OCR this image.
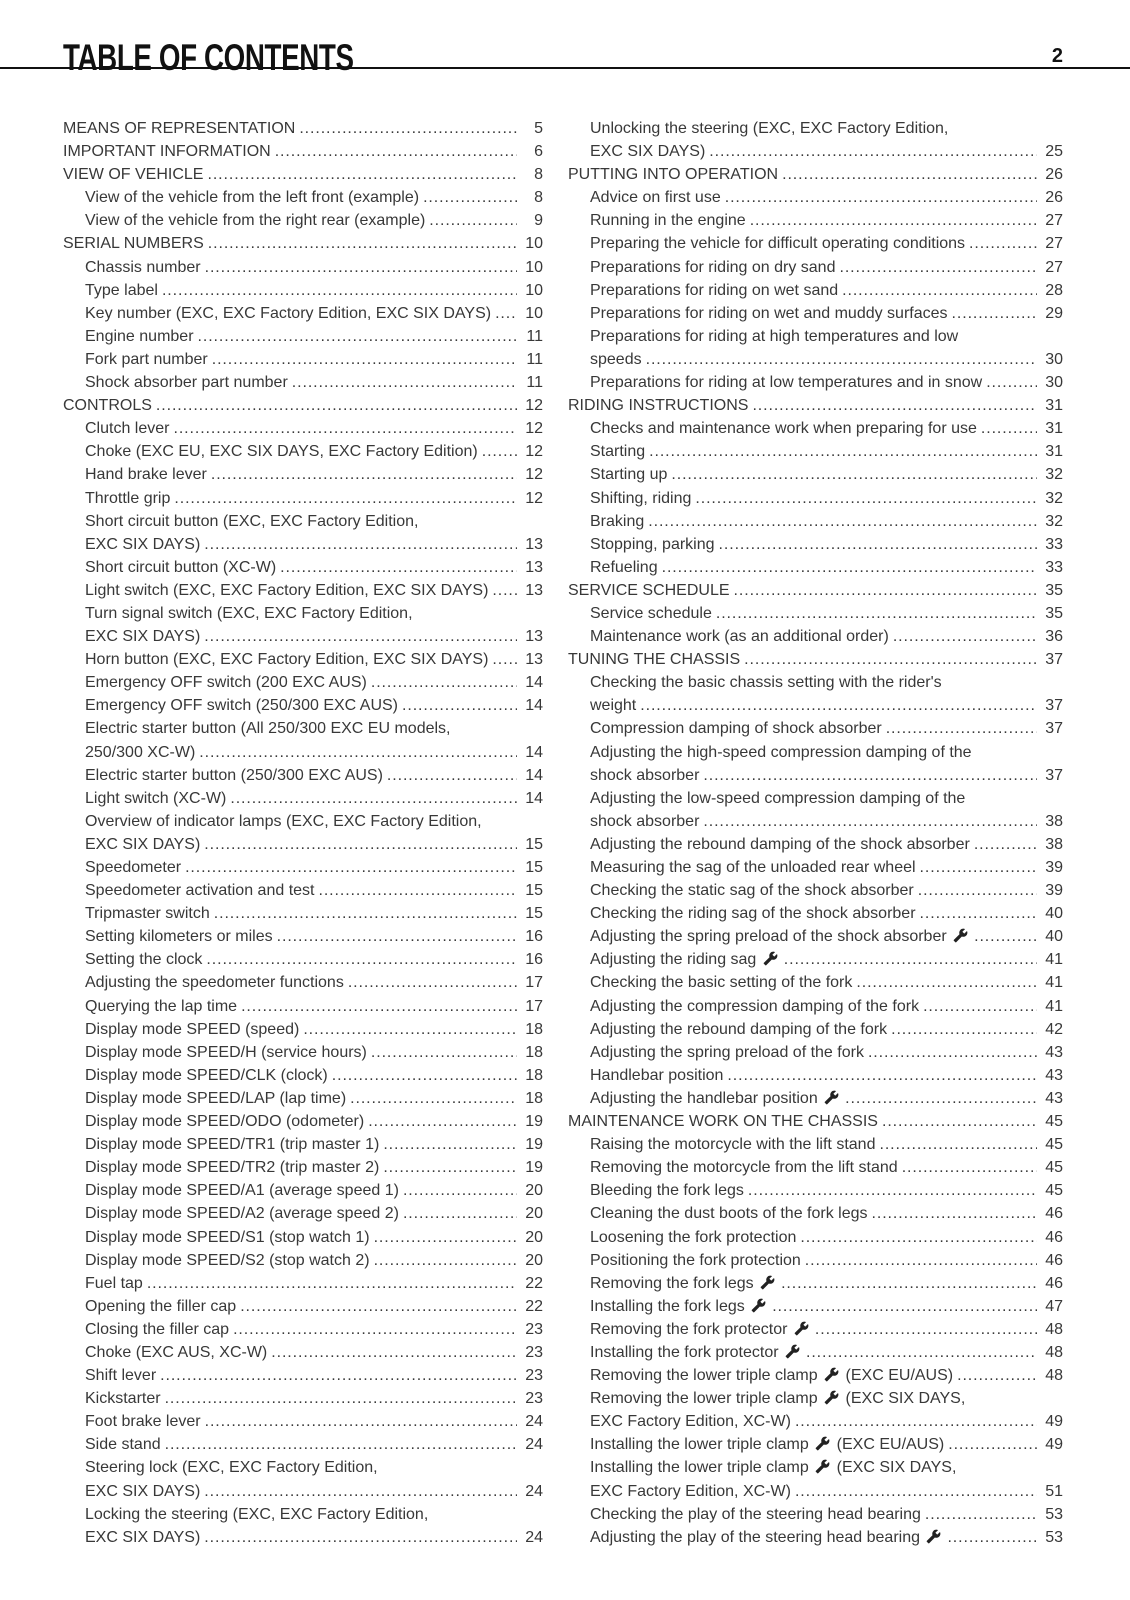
TABLE OF CONTENTS	2
MEANS OF REPRESENTATION .....	5
IMPORTANT INFORMATION .....	6
VIEW OF VEHICLE .....	8
View of the vehicle from the left front (example) .....	8
View of the vehicle from the right rear (example) .....	9
SERIAL NUMBERS .....	10
Chassis number .....	10
Type label .....	10
Key number (EXC, EXC Factory Edition, EXC SIX DAYS) ..... 10
Engine number .....	11
Fork part number .....	11
Shock absorber part number .....	11
CONTROLS .....	12
Clutch lever .....	12
Choke (EXC EU, EXC SIX DAYS, EXC Factory Edition) .....	12
Hand brake lever .....	12
Throttle grip .....	12
Short circuit button (EXC, EXC Factory Edition,
EXC SIX DAYS) .....	13
Short circuit button (XC-W) .....	13
Light switch (EXC, EXC Factory Edition, EXC SIX DAYS) ..... 13
Turn signal switch (EXC, EXC Factory Edition,
EXC SIX DAYS) .....	13
Horn button (EXC, EXC Factory Edition, EXC SIX DAYS) ..... 13
Emergency OFF switch (200 EXC AUS) .....	14
Emergency OFF switch (250/300 EXC AUS) .....	14
Electric starter button (All 250/300 EXC EU models,
250/300 XC-W) .....	14
Electric starter button (250/300 EXC AUS) .....	14
Light switch (XC-W) .....	14
Overview of indicator lamps (EXC, EXC Factory Edition,
EXC SIX DAYS) .....	15
Speedometer .....	15
Speedometer activation and test .....	15
Tripmaster switch .....	15
Setting kilometers or miles .....	16
Setting the clock .....	16
Adjusting the speedometer functions .....	17
Querying the lap time .....	17
Display mode SPEED (speed) .....	18
Display mode SPEED/H (service hours) .....	18
Display mode SPEED/CLK (clock) .....	18
Display mode SPEED/LAP (lap time) .....	18
Display mode SPEED/ODO (odometer) .....	19
Display mode SPEED/TR1 (trip master 1) .....	19
Display mode SPEED/TR2 (trip master 2) .....	19
Display mode SPEED/A1 (average speed 1) .....	20
Display mode SPEED/A2 (average speed 2) .....	20
Display mode SPEED/S1 (stop watch 1) .....	20
Display mode SPEED/S2 (stop watch 2) .....	20
Fuel tap .....	22
Opening the filler cap .....	22
Closing the filler cap .....	23
Choke (EXC AUS, XC-W) .....	23
Shift lever .....	23
Kickstarter .....	23
Foot brake lever .....	24
Side stand .....	24
Steering lock (EXC, EXC Factory Edition,
EXC SIX DAYS) .....	24
Locking the steering (EXC, EXC Factory Edition,
EXC SIX DAYS) .....	24
Unlocking the steering (EXC, EXC Factory Edition,
EXC SIX DAYS) .....	25
PUTTING INTO OPERATION .....	26
Advice on first use .....	26
Running in the engine .....	27
Preparing the vehicle for difficult operating conditions .....	27
Preparations for riding on dry sand .....	27
Preparations for riding on wet sand .....	28
Preparations for riding on wet and muddy surfaces .....	29
Preparations for riding at high temperatures and low
speeds .....	30
Preparations for riding at low temperatures and in snow .....	30
RIDING INSTRUCTIONS .....	31
Checks and maintenance work when preparing for use .....	31
Starting .....	31
Starting up .....	32
Shifting, riding .....	32
Braking .....	32
Stopping, parking .....	33
Refueling .....	33
SERVICE SCHEDULE .....	35
Service schedule .....	35
Maintenance work (as an additional order) .....	36
TUNING THE CHASSIS .....	37
Checking the basic chassis setting with the rider's
weight .....	37
Compression damping of shock absorber .....	37
Adjusting the high-speed compression damping of the
shock absorber .....	37
Adjusting the low-speed compression damping of the
shock absorber .....	38
Adjusting the rebound damping of the shock absorber .....	38
Measuring the sag of the unloaded rear wheel .....	39
Checking the static sag of the shock absorber .....	39
Checking the riding sag of the shock absorber .....	40
Adjusting the spring preload of the shock absorber .....	40
Adjusting the riding sag .....	41
Checking the basic setting of the fork .....	41
Adjusting the compression damping of the fork .....	41
Adjusting the rebound damping of the fork .....	42
Adjusting the spring preload of the fork .....	43
Handlebar position .....	43
Adjusting the handlebar position .....	43
MAINTENANCE WORK ON THE CHASSIS .....	45
Raising the motorcycle with the lift stand .....	45
Removing the motorcycle from the lift stand .....	45
Bleeding the fork legs .....	45
Cleaning the dust boots of the fork legs .....	46
Loosening the fork protection .....	46
Positioning the fork protection .....	46
Removing the fork legs .....	46
Installing the fork legs .....	47
Removing the fork protector .....	48
Installing the fork protector .....	48
Removing the lower triple clamp
(EXC EU/AUS) .....	48
Removing the lower triple clamp
(EXC SIX DAYS,
EXC Factory Edition, XC-W) .....	49
Installing the lower triple clamp
(EXC EU/AUS) .....	49
Installing the lower triple clamp
(EXC SIX DAYS,
EXC Factory Edition, XC-W) .....	51
Checking the play of the steering head bearing .....	53
Adjusting the play of the steering head bearing .....	53
